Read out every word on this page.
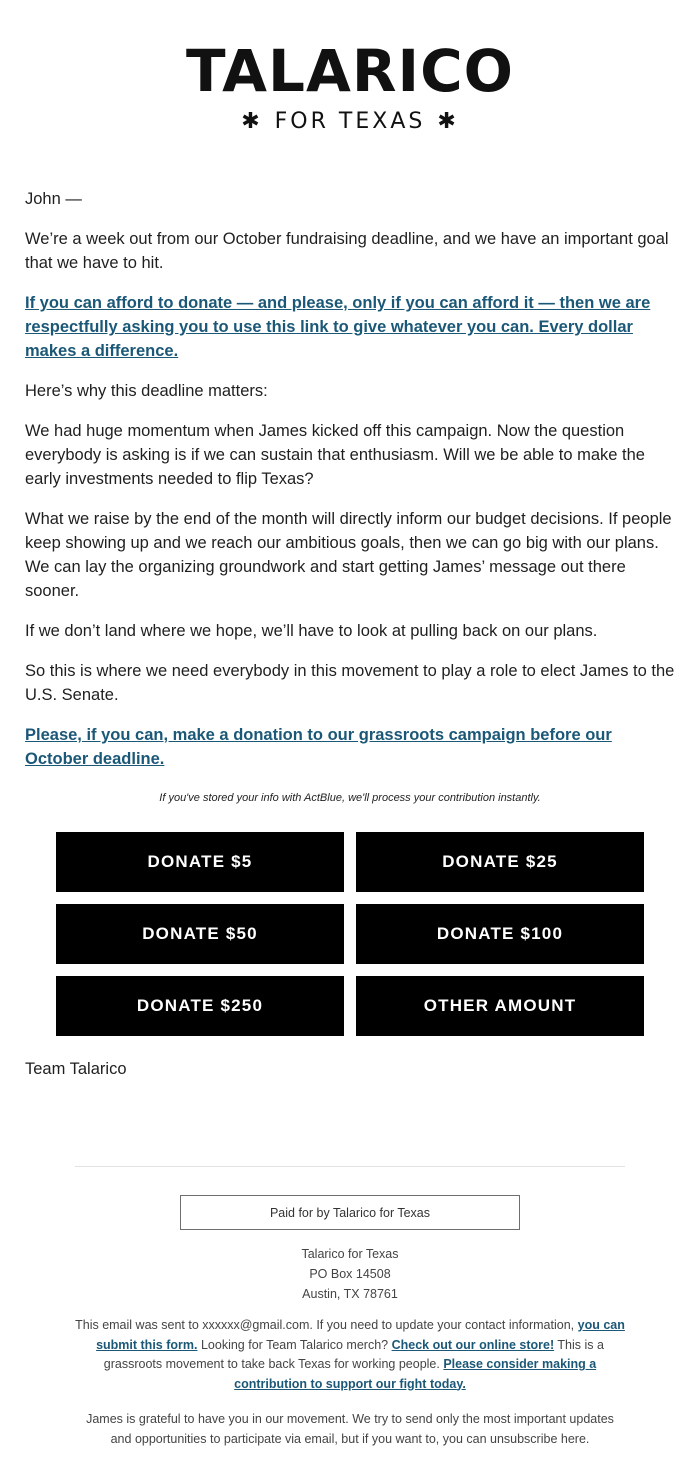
TALARICO
✱ FOR TEXAS ✱

John —

We’re a week out from our October fundraising deadline, and we have an important goal that we have to hit.

If you can afford to donate — and please, only if you can afford it — then we are respectfully asking you to use this link to give whatever you can. Every dollar makes a difference.

Here’s why this deadline matters:

We had huge momentum when James kicked off this campaign. Now the question everybody is asking is if we can sustain that enthusiasm. Will we be able to make the early investments needed to flip Texas?

What we raise by the end of the month will directly inform our budget decisions. If people keep showing up and we reach our ambitious goals, then we can go big with our plans. We can lay the organizing groundwork and start getting James’ message out there sooner.

If we don’t land where we hope, we’ll have to look at pulling back on our plans.

So this is where we need everybody in this movement to play a role to elect James to the U.S. Senate.

Please, if you can, make a donation to our grassroots campaign before our October deadline.

If you've stored your info with ActBlue, we'll process your contribution instantly.
DONATE $5	DONATE $25
DONATE $50	DONATE $100
DONATE $250	OTHER AMOUNT
Team Talarico
Paid for by Talarico for Texas
Talarico for Texas
PO Box 14508
Austin, TX 78761

This email was sent to xxxxxx@gmail.com. If you need to update your contact information, you can submit this form. Looking for Team Talarico merch? Check out our online store! This is a grassroots movement to take back Texas for working people. Please consider making a contribution to support our fight today.

James is grateful to have you in our movement. We try to send only the most important updates and opportunities to participate via email, but if you want to, you can unsubscribe here.
